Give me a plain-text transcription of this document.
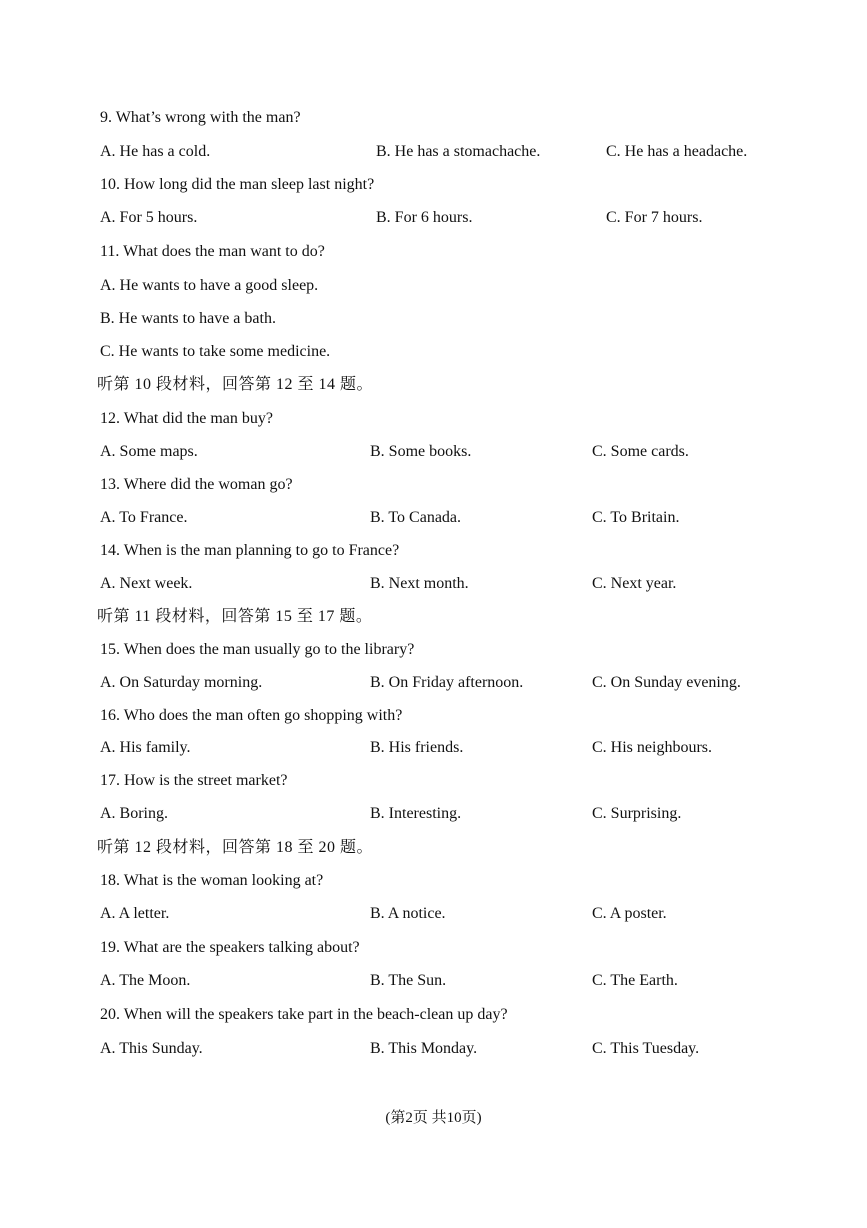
9. What’s wrong with the man?
A. He has a cold.	B. He has a stomachache.	C. He has a headache.
10. How long did the man sleep last night?
A. For 5 hours.	B. For 6 hours.	C. For 7 hours.
11. What does the man want to do?
A. He wants to have a good sleep.
B. He wants to have a bath.
C. He wants to take some medicine.
听第 10 段材料，回答第 12 至 14 题。
12. What did the man buy?
A. Some maps.	B. Some books.	C. Some cards.
13. Where did the woman go?
A. To France.	B. To Canada.	C. To Britain.
14. When is the man planning to go to France?
A. Next week.	B. Next month.	C. Next year.
听第 11 段材料，回答第 15 至 17 题。
15. When does the man usually go to the library?
A. On Saturday morning.	B. On Friday afternoon.	C. On Sunday evening.
16. Who does the man often go shopping with?
A. His family.	B. His friends.	C. His neighbours.
17. How is the street market?
A. Boring.	B. Interesting.	C. Surprising.
听第 12 段材料，回答第 18 至 20 题。
18. What is the woman looking at?
A. A letter.	B. A notice.	C. A poster.
19. What are the speakers talking about?
A. The Moon.	B. The Sun.	C. The Earth.
20. When will the speakers take part in the beach-clean up day?
A. This Sunday.	B. This Monday.	C. This Tuesday.
(第2页 共10页)
